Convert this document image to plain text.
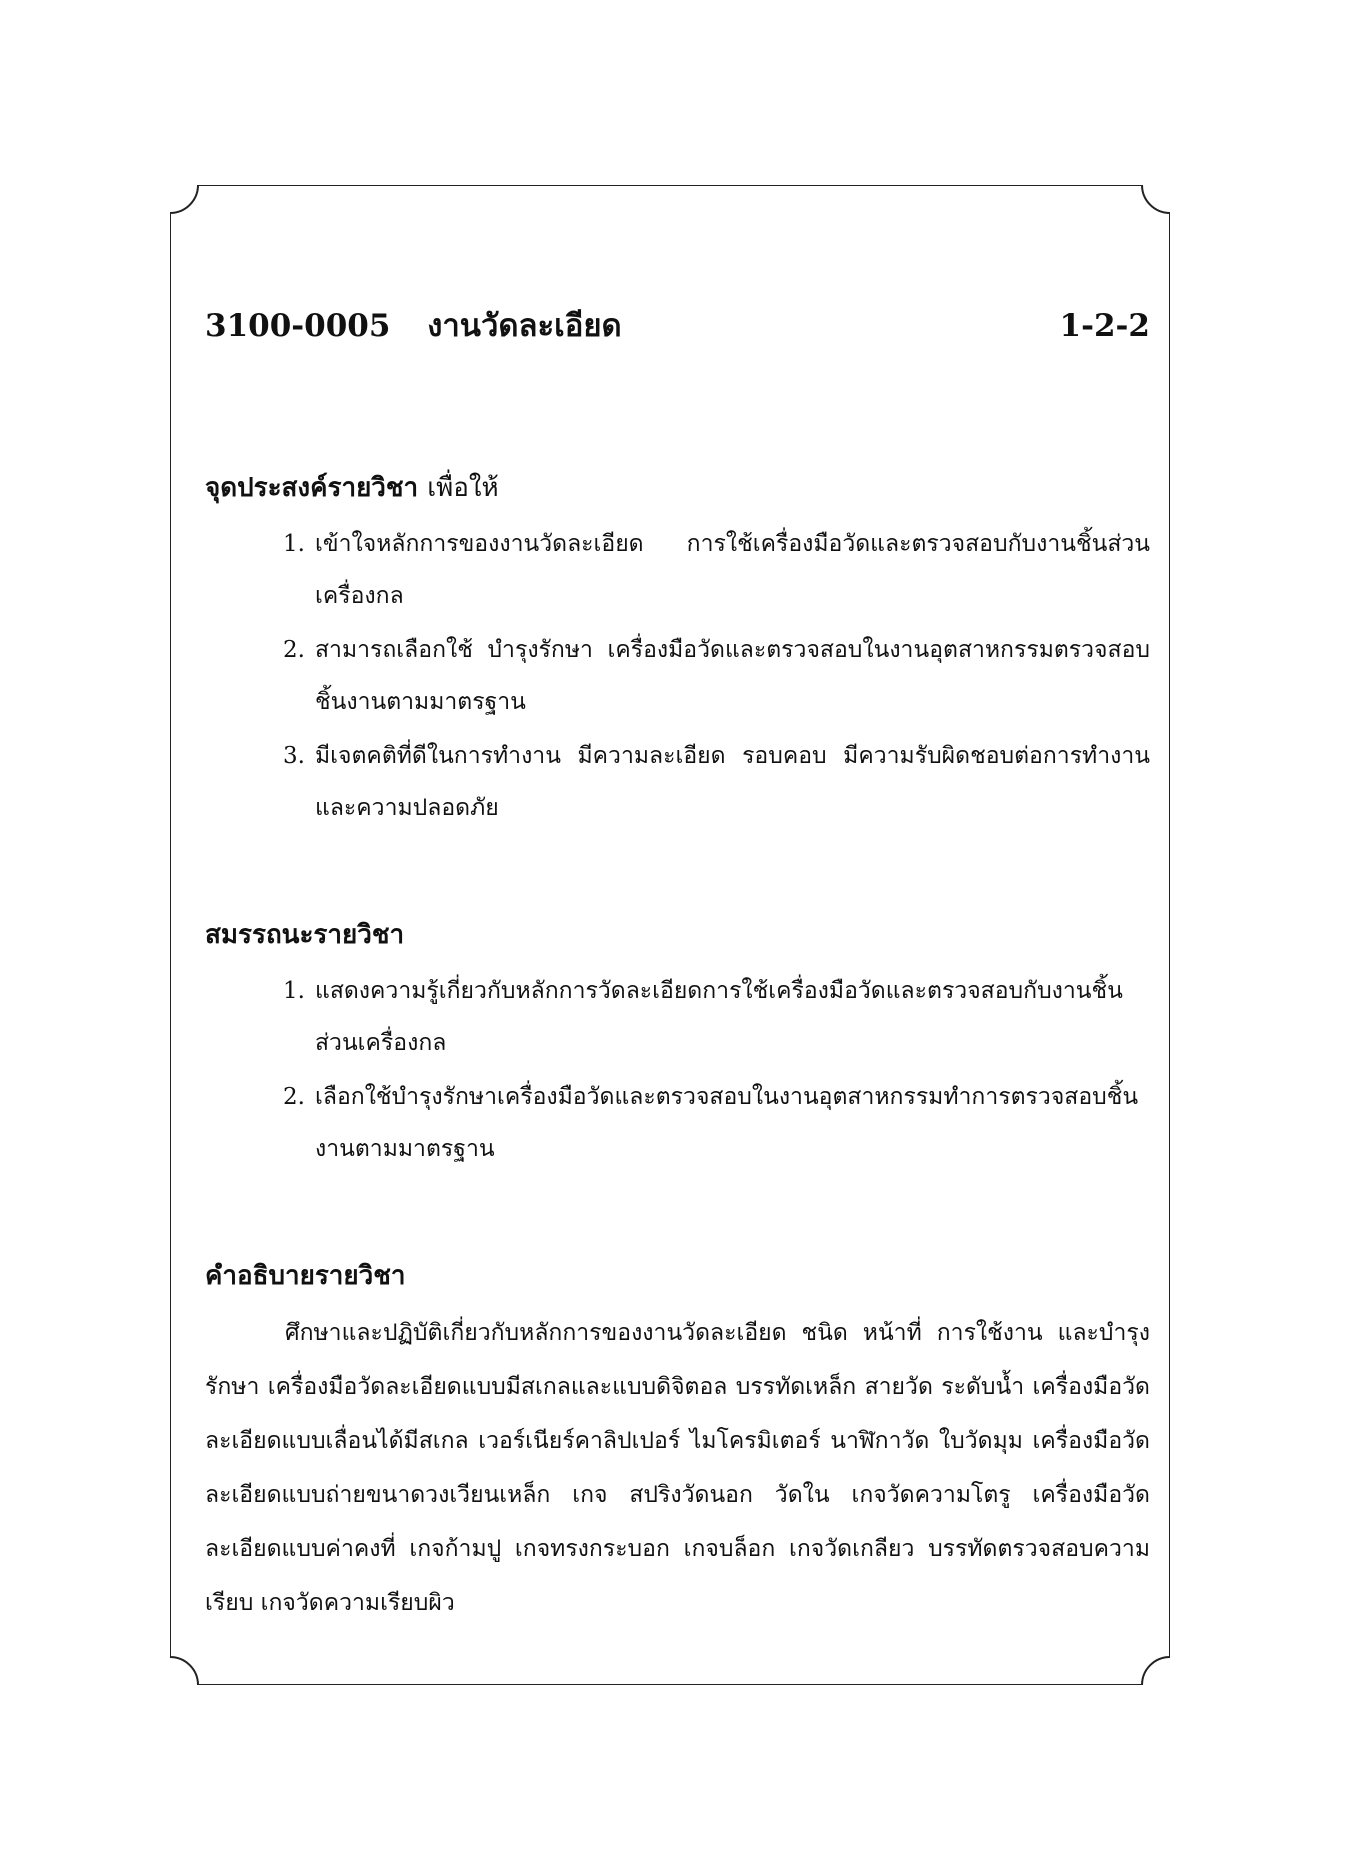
3100-0005 งานวัดละเอียด	1-2-2
จุดประสงค์รายวิชา เพื่อให้
1. เข้าใจหลักการของงานวัดละเอียด การใช้เครื่องมือวัดและตรวจสอบกับงานชิ้นส่วนเครื่องกล
2. สามารถเลือกใช้ บำรุงรักษา เครื่องมือวัดและตรวจสอบในงานอุตสาหกรรมตรวจสอบชิ้นงานตามมาตรฐาน
3. มีเจตคติที่ดีในการทำงาน มีความละเอียด รอบคอบ มีความรับผิดชอบต่อการทำงานและความปลอดภัย
สมรรถนะรายวิชา
1. แสดงความรู้เกี่ยวกับหลักการวัดละเอียดการใช้เครื่องมือวัดและตรวจสอบกับงานชิ้นส่วนเครื่องกล
2. เลือกใช้บำรุงรักษาเครื่องมือวัดและตรวจสอบในงานอุตสาหกรรมทำการตรวจสอบชิ้นงานตามมาตรฐาน
คำอธิบายรายวิชา

ศึกษาและปฏิบัติเกี่ยวกับหลักการของงานวัดละเอียด ชนิด หน้าที่ การใช้งาน และบำรุงรักษา เครื่องมือวัดละเอียดแบบมีสเกลและแบบดิจิตอล บรรทัดเหล็ก สายวัด ระดับน้ำ เครื่องมือวัดละเอียดแบบเลื่อนได้มีสเกล เวอร์เนียร์คาลิปเปอร์ ไมโครมิเตอร์ นาฬิกาวัด ใบวัดมุม เครื่องมือวัดละเอียดแบบถ่ายขนาดวงเวียนเหล็ก เกจ สปริงวัดนอก วัดใน เกจวัดความโตรู เครื่องมือวัดละเอียดแบบค่าคงที่ เกจก้ามปู เกจทรงกระบอก เกจบล็อก เกจวัดเกลียว บรรทัดตรวจสอบความเรียบ เกจวัดความเรียบผิว
